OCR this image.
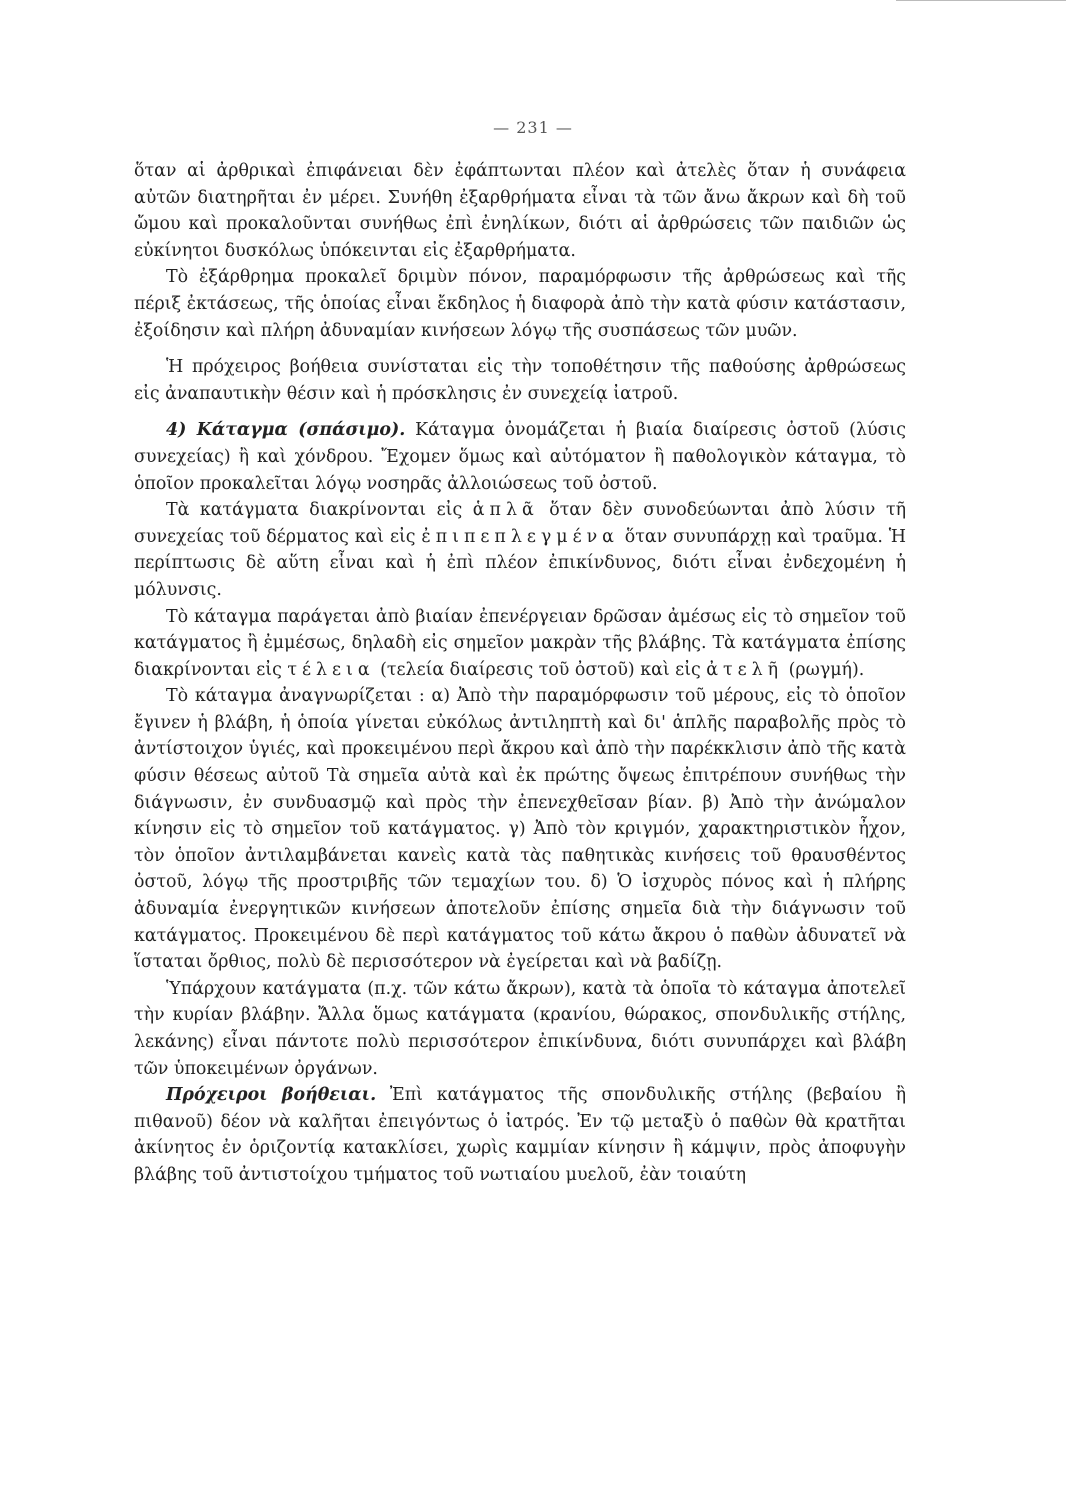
— 231 —

ὅταν αἱ ἀρθρικαὶ ἐπιφάνειαι δὲν ἐφάπτωνται πλέον καὶ ἀτελὲς ὅταν ἡ συνάφεια αὐτῶν διατηρῆται ἐν μέρει. Συνήθη ἐξαρθρήματα εἶναι τὰ τῶν ἄνω ἄκρων καὶ δὴ τοῦ ὤμου καὶ προκαλοῦνται συνήθως ἐπὶ ἐνηλίκων, διότι αἱ ἀρθρώσεις τῶν παιδιῶν ὡς εὐκίνητοι δυσκόλως ὑπόκεινται εἰς ἐξαρθρήματα.

Τὸ ἐξάρθρημα προκαλεῖ δριμὺν πόνον, παραμόρφωσιν τῆς ἀρθρώσεως καὶ τῆς πέριξ ἐκτάσεως, τῆς ὁποίας εἶναι ἔκδηλος ἡ διαφορὰ ἀπὸ τὴν κατὰ φύσιν κατάστασιν, ἐξοίδησιν καὶ πλήρη ἀδυναμίαν κινήσεων λόγῳ τῆς συσπάσεως τῶν μυῶν.

Ἡ πρόχειρος βοήθεια συνίσταται εἰς τὴν τοποθέτησιν τῆς παθούσης ἀρθρώσεως εἰς ἀναπαυτικὴν θέσιν καὶ ἡ πρόσκλησις ἐν συνεχείᾳ ἰατροῦ.

4) Κάταγμα (σπάσιμο). Κάταγμα ὀνομάζεται ἡ βιαία διαίρεσις ὀστοῦ (λύσις συνεχείας) ἢ καὶ χόνδρου. Ἔχομεν ὅμως καὶ αὐτόματον ἢ παθολογικὸν κάταγμα, τὸ ὁποῖον προκαλεῖται λόγῳ νοσηρᾶς ἀλλοιώσεως τοῦ ὀστοῦ.

Τὰ κατάγματα διακρίνονται εἰς ἁπλᾶ ὅταν δὲν συνοδεύωνται ἀπὸ λύσιν τῆ συνεχείας τοῦ δέρματος καὶ εἰς ἐπιπεπλεγμένα ὅταν συνυπάρχῃ καὶ τραῦμα. Ἡ περίπτωσις δὲ αὕτη εἶναι καὶ ἡ ἐπὶ πλέον ἐπικίνδυνος, διότι εἶναι ἐνδεχομένη ἡ μόλυνσις.

Τὸ κάταγμα παράγεται ἀπὸ βιαίαν ἐπενέργειαν δρῶσαν ἀμέσως εἰς τὸ σημεῖον τοῦ κατάγματος ἢ ἐμμέσως, δηλαδὴ εἰς σημεῖον μακρὰν τῆς βλάβης. Τὰ κατάγματα ἐπίσης διακρίνονται εἰς τέλεια (τελεία διαίρεσις τοῦ ὀστοῦ) καὶ εἰς ἀτελῆ (ρωγμή).

Τὸ κάταγμα ἀναγνωρίζεται : α) Ἀπὸ τὴν παραμόρφωσιν τοῦ μέρους, εἰς τὸ ὁποῖον ἔγινεν ἡ βλάβη, ἡ ὁποία γίνεται εὐκόλως ἀντιληπτὴ καὶ δι' ἁπλῆς παραβολῆς πρὸς τὸ ἀντίστοιχον ὑγιές, καὶ προκειμένου περὶ ἄκρου καὶ ἀπὸ τὴν παρέκκλισιν ἀπὸ τῆς κατὰ φύσιν θέσεως αὐτοῦ Τὰ σημεῖα αὐτὰ καὶ ἐκ πρώτης ὄψεως ἐπιτρέπουν συνήθως τὴν διάγνωσιν, ἐν συνδυασμῷ καὶ πρὸς τὴν ἐπενεχθεῖσαν βίαν. β) Ἀπὸ τὴν ἀνώμαλον κίνησιν εἰς τὸ σημεῖον τοῦ κατάγματος. γ) Ἀπὸ τὸν κριγμόν, χαρακτηριστικὸν ἦχον, τὸν ὁποῖον ἀντιλαμβάνεται κανεὶς κατὰ τὰς παθητικὰς κινήσεις τοῦ θραυσθέντος ὀστοῦ, λόγῳ τῆς προστριβῆς τῶν τεμαχίων του. δ) Ὁ ἰσχυρὸς πόνος καὶ ἡ πλήρης ἀδυναμία ἐνεργητικῶν κινήσεων ἀποτελοῦν ἐπίσης σημεῖα διὰ τὴν διάγνωσιν τοῦ κατάγματος. Προκειμένου δὲ περὶ κατάγματος τοῦ κάτω ἄκρου ὁ παθὼν ἀδυνατεῖ νὰ ἵσταται ὄρθιος, πολὺ δὲ περισσότερον νὰ ἐγείρεται καὶ νὰ βαδίζῃ.

Ὑπάρχουν κατάγματα (π.χ. τῶν κάτω ἄκρων), κατὰ τὰ ὁποῖα τὸ κάταγμα ἀποτελεῖ τὴν κυρίαν βλάβην. Ἄλλα ὅμως κατάγματα (κρανίου, θώρακος, σπονδυλικῆς στήλης, λεκάνης) εἶναι πάντοτε πολὺ περισσότερον ἐπικίνδυνα, διότι συνυπάρχει καὶ βλάβη τῶν ὑποκειμένων ὀργάνων.

Πρόχειροι βοήθειαι. Ἐπὶ κατάγματος τῆς σπονδυλικῆς στήλης (βεβαίου ἢ πιθανοῦ) δέον νὰ καλῆται ἐπειγόντως ὁ ἰατρός. Ἐν τῷ μεταξὺ ὁ παθὼν θὰ κρατῆται ἀκίνητος ἐν ὁριζοντίᾳ κατακλίσει, χωρὶς καμμίαν κίνησιν ἢ κάμψιν, πρὸς ἀποφυγὴν βλάβης τοῦ ἀντιστοίχου τμήματος τοῦ νωτιαίου μυελοῦ, ἐὰν τοιαύτη
